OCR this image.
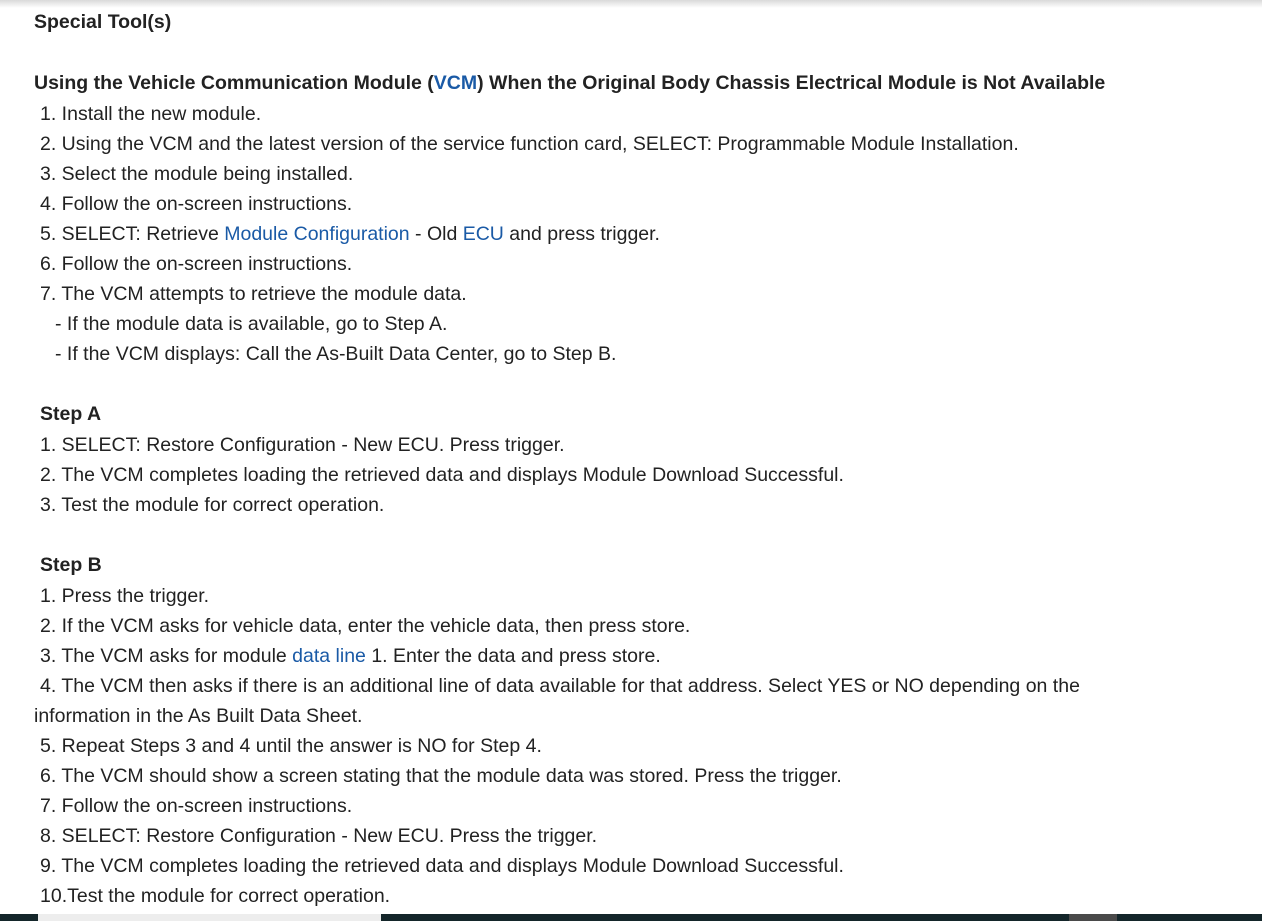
Special Tool(s)
Using the Vehicle Communication Module (VCM) When the Original Body Chassis Electrical Module is Not Available
1. Install the new module.
2. Using the VCM and the latest version of the service function card, SELECT: Programmable Module Installation.
3. Select the module being installed.
4. Follow the on-screen instructions.
5. SELECT: Retrieve Module Configuration - Old ECU and press trigger.
6. Follow the on-screen instructions.
7. The VCM attempts to retrieve the module data.
- If the module data is available, go to Step A.
- If the VCM displays: Call the As-Built Data Center, go to Step B.
Step A
1. SELECT: Restore Configuration - New ECU. Press trigger.
2. The VCM completes loading the retrieved data and displays Module Download Successful.
3. Test the module for correct operation.
Step B
1. Press the trigger.
2. If the VCM asks for vehicle data, enter the vehicle data, then press store.
3. The VCM asks for module data line 1. Enter the data and press store.
4. The VCM then asks if there is an additional line of data available for that address. Select YES or NO depending on the
information in the As Built Data Sheet.
5. Repeat Steps 3 and 4 until the answer is NO for Step 4.
6. The VCM should show a screen stating that the module data was stored. Press the trigger.
7. Follow the on-screen instructions.
8. SELECT: Restore Configuration - New ECU. Press the trigger.
9. The VCM completes loading the retrieved data and displays Module Download Successful.
10.Test the module for correct operation.
